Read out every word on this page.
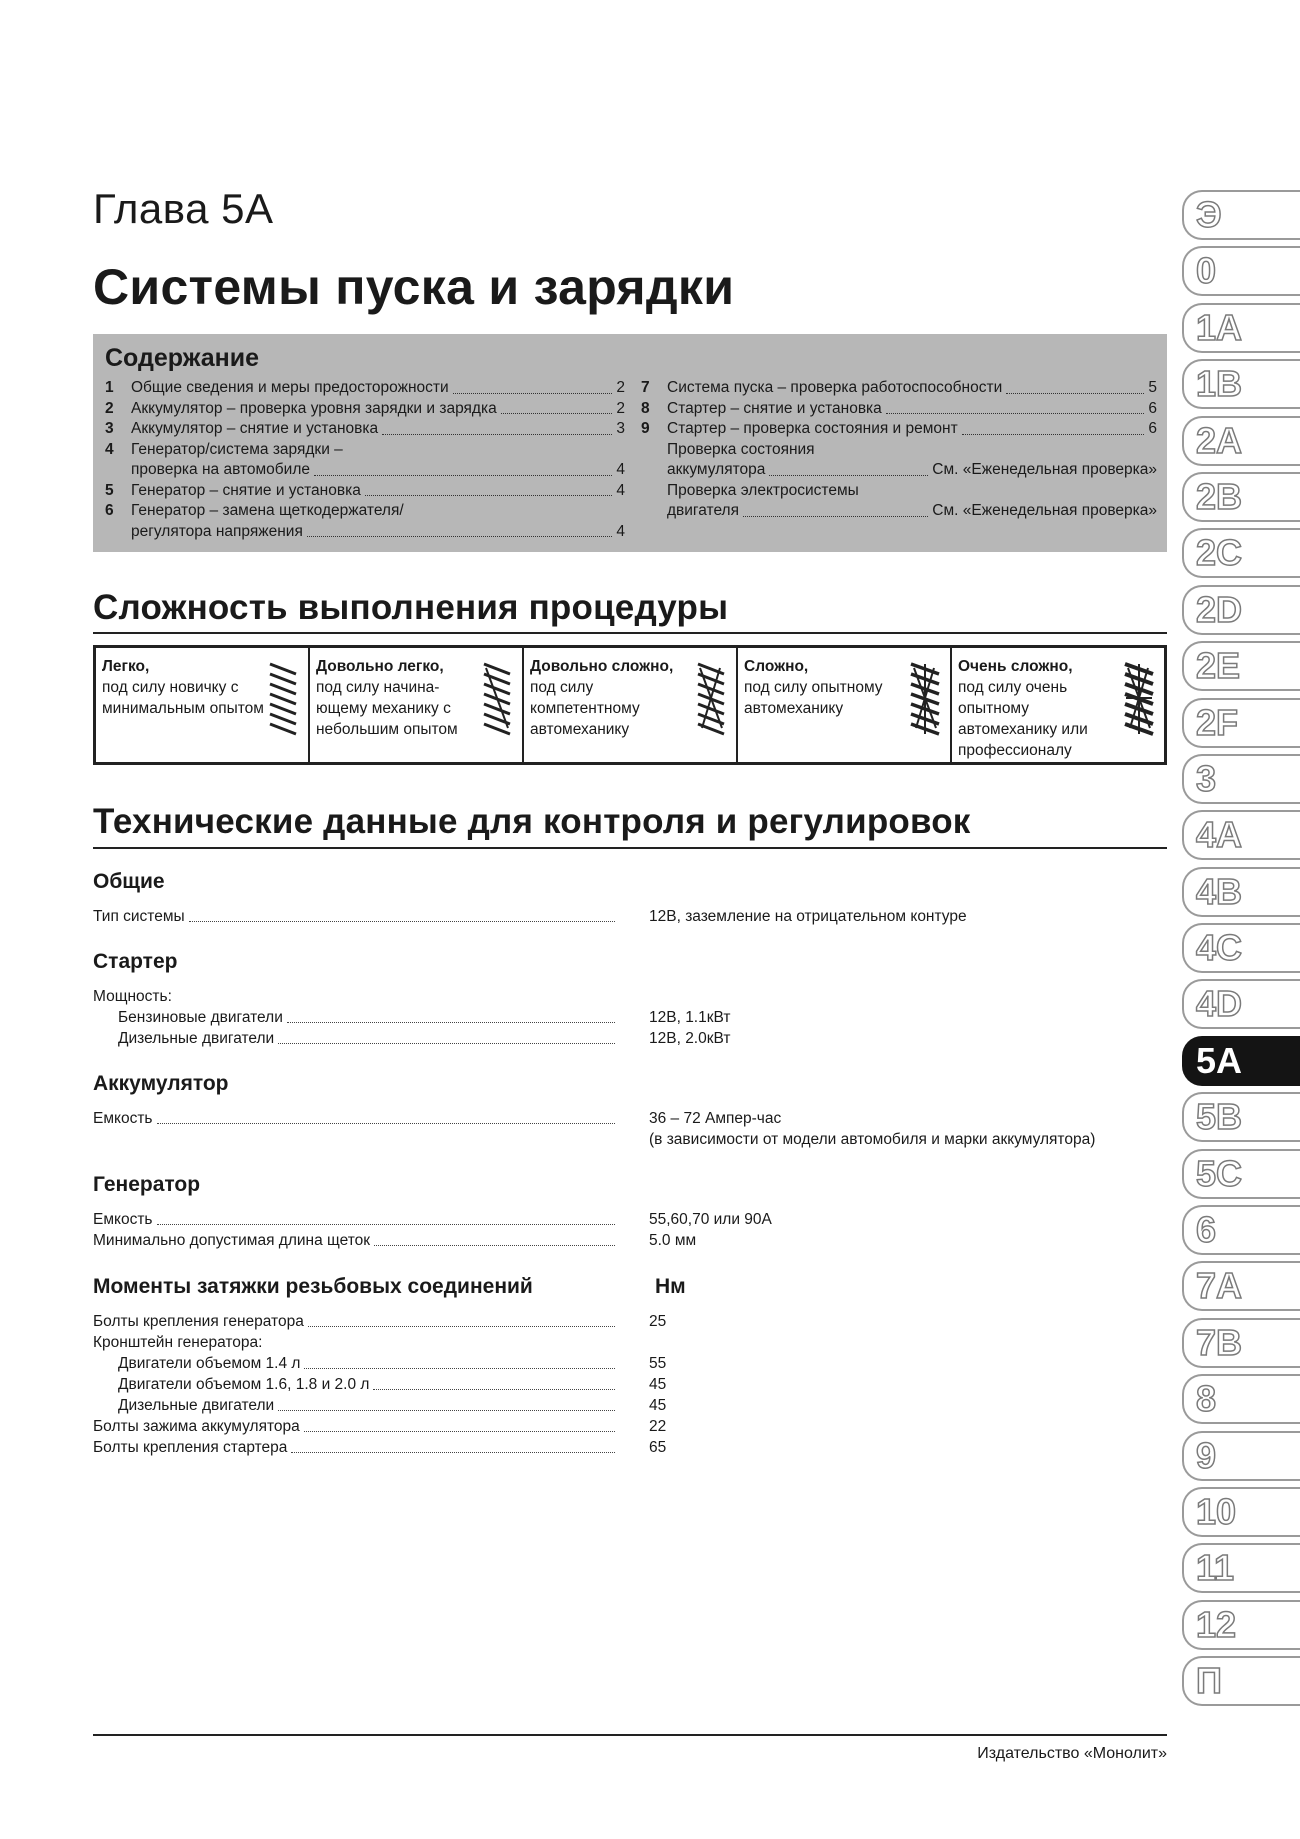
Глава 5А
Системы пуска и зарядки
Содержание
1	Общие сведения и меры предосторожности	2
2	Аккумулятор – проверка уровня зарядки и зарядка	2
3	Аккумулятор – снятие и установка	3
4	Генератор/система зарядки –
проверка на автомобиле	4
5	Генератор – снятие и установка	4
6	Генератор – замена щеткодержателя/
регулятора напряжения	4
7	Система пуска – проверка работоспособности	5
8	Стартер – снятие и установка	6
9	Стартер – проверка состояния и ремонт	6
Проверка состояния
аккумулятора	См. «Еженедельная проверка»
Проверка электросистемы
двигателя	См. «Еженедельная проверка»
Сложность выполнения процедуры
Легко,
под силу новичку с минимальным опытом
Довольно легко,
под силу начина-ющему механику с небольшим опытом
Довольно сложно,
под силу компетентному автомеханику
Сложно,
под силу опытному автомеханику
Очень сложно,
под силу очень опытному автомеханику или профессионалу
Технические данные для контроля и регулировок
Общие
Тип системы	12В, заземление на отрицательном контуре
Стартер
Мощность:
Бензиновые двигатели	12В, 1.1кВт
Дизельные двигатели	12В, 2.0кВт
Аккумулятор
Емкость	36 – 72 Ампер-час
(в зависимости от модели автомобиля и марки аккумулятора)
Генератор
Емкость	55,60,70 или 90А
Минимально допустимая длина щеток	5.0 мм
Моменты затяжки резьбовых соединений	Нм
Болты крепления генератора	25
Кронштейн генератора:
Двигатели объемом 1.4 л	55
Двигатели объемом 1.6, 1.8 и 2.0 л	45
Дизельные двигатели	45
Болты зажима аккумулятора	22
Болты крепления стартера	65
Издательство «Монолит»
Э
0
1А
1В
2А
2В
2С
2D
2Е
2F
3
4А
4В
4С
4D
5А
5В
5С
6
7А
7В
8
9
10
11
12
П
